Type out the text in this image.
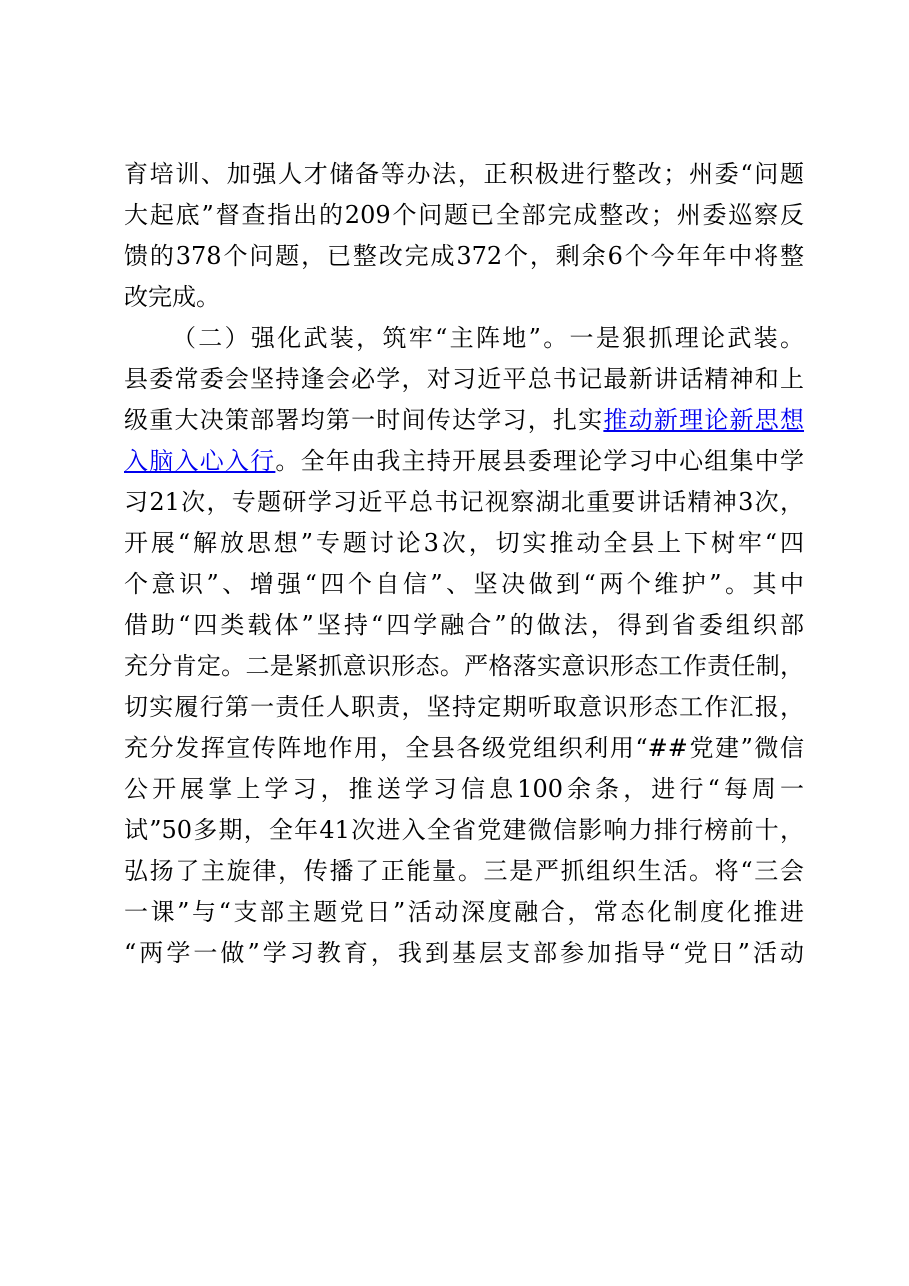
育培训、加强人才储备等办法，正积极进行整改；州委“问题
大起底”督查指出的209个问题已全部完成整改；州委巡察反
馈的378个问题，已整改完成372个，剩余6个今年年中将整
改完成。
（二）强化武装，筑牢“主阵地”。一是狠抓理论武装。
县委常委会坚持逢会必学，对习近平总书记最新讲话精神和上
级重大决策部署均第一时间传达学习，扎实推动新理论新思想
入脑入心入行。全年由我主持开展县委理论学习中心组集中学
习21次，专题研学习近平总书记视察湖北重要讲话精神3次，
开展“解放思想”专题讨论3次，切实推动全县上下树牢“四
个意识”、增强“四个自信”、坚决做到“两个维护”。其中
借助“四类载体”坚持“四学融合”的做法，得到省委组织部
充分肯定。二是紧抓意识形态。严格落实意识形态工作责任制，
切实履行第一责任人职责，坚持定期听取意识形态工作汇报，
充分发挥宣传阵地作用，全县各级党组织利用“##党建”微信
公开展掌上学习，推送学习信息100余条，进行“每周一
试”50多期，全年41次进入全省党建微信影响力排行榜前十，
弘扬了主旋律，传播了正能量。三是严抓组织生活。将“三会
一课”与“支部主题党日”活动深度融合，常态化制度化推进
“两学一做”学习教育，我到基层支部参加指导“党日”活动
